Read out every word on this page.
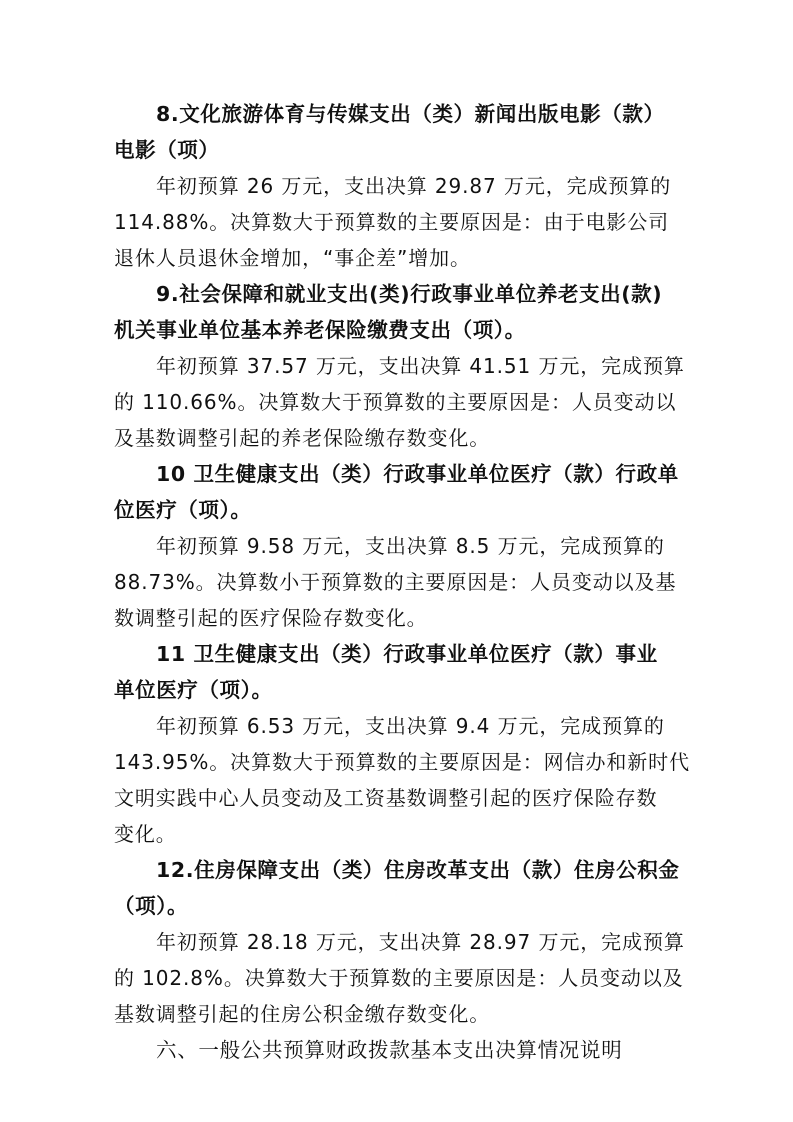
8.文化旅游体育与传媒支出（类）新闻出版电影（款）
电影（项）
年初预算 26 万元，支出决算 29.87 万元，完成预算的
114.88%。决算数大于预算数的主要原因是：由于电影公司
退休人员退休金增加，“事企差”增加。
9.社会保障和就业支出(类)行政事业单位养老支出(款)
机关事业单位基本养老保险缴费支出（项）。
年初预算 37.57 万元，支出决算 41.51 万元，完成预算
的 110.66%。决算数大于预算数的主要原因是：人员变动以
及基数调整引起的养老保险缴存数变化。
10 卫生健康支出（类）行政事业单位医疗（款）行政单
位医疗（项）。
年初预算 9.58 万元，支出决算 8.5 万元，完成预算的
88.73%。决算数小于预算数的主要原因是：人员变动以及基
数调整引起的医疗保险存数变化。
11 卫生健康支出（类）行政事业单位医疗（款）事业
单位医疗（项）。
年初预算 6.53 万元，支出决算 9.4 万元，完成预算的
143.95%。决算数大于预算数的主要原因是：网信办和新时代
文明实践中心人员变动及工资基数调整引起的医疗保险存数
变化。
12.住房保障支出（类）住房改革支出（款）住房公积金
（项）。
年初预算 28.18 万元，支出决算 28.97 万元，完成预算
的 102.8%。决算数大于预算数的主要原因是：人员变动以及
基数调整引起的住房公积金缴存数变化。
六、一般公共预算财政拨款基本支出决算情况说明
